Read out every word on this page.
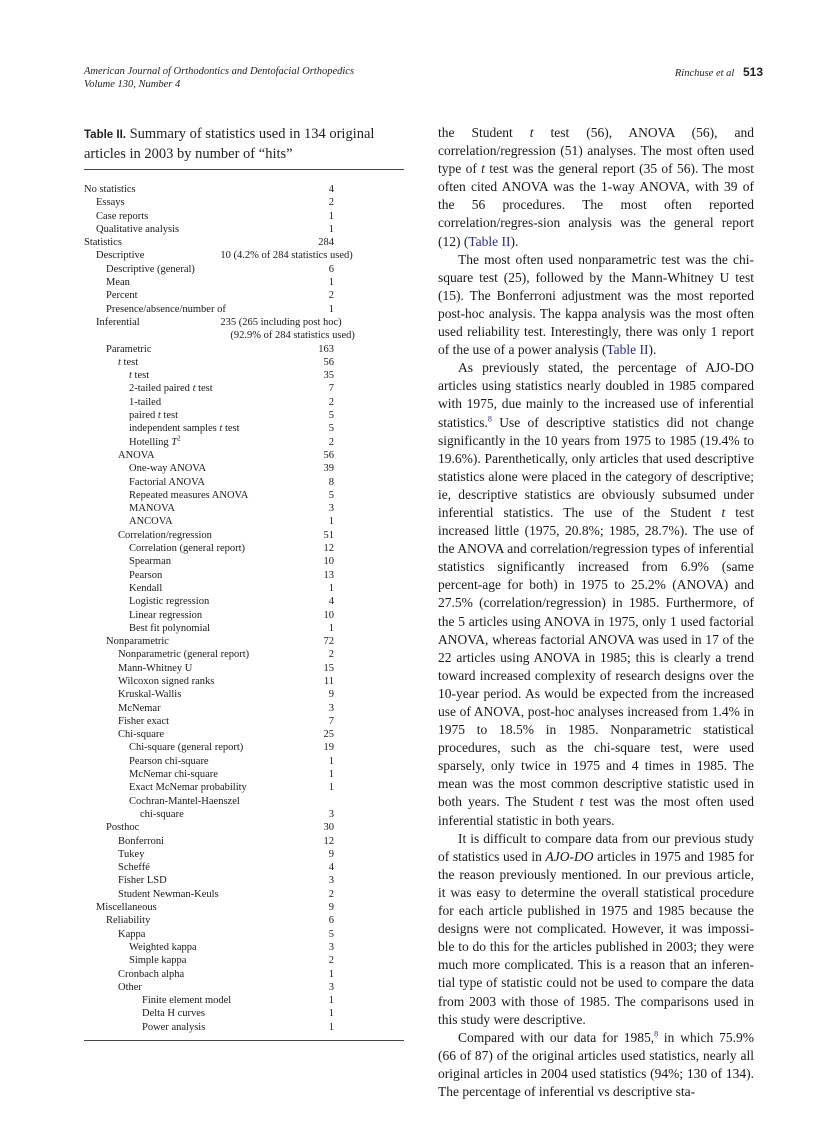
American Journal of Orthodontics and Dentofacial Orthopedics
Volume 130, Number 4
Rinchuse et al 513
Table II. Summary of statistics used in 134 original articles in 2003 by number of “hits”
No statistics	4
Essays	2
Case reports	1
Qualitative analysis	1
Statistics	284
Descriptive	10 (4.2% of 284 statistics used)
Descriptive (general)	6
Mean	1
Percent	2
Presence/absence/number of	1
Inferential	235 (265 including post hoc)
	(92.9% of 284 statistics used)
Parametric	163
t test	56
t test	35
2-tailed paired t test	7
1-tailed	2
paired t test	5
independent samples t test	5
Hotelling $T^2$	2
ANOVA	56
One-way ANOVA	39
Factorial ANOVA	8
Repeated measures ANOVA	5
MANOVA	3
ANCOVA	1
Correlation/regression	51
Correlation (general report)	12
Spearman	10
Pearson	13
Kendall	1
Logistic regression	4
Linear regression	10
Best fit polynomial	1
Nonparametric	72
Nonparametric (general report)	2
Mann-Whitney U	15
Wilcoxon signed ranks	11
Kruskal-Wallis	9
McNemar	3
Fisher exact	7
Chi-square	25
Chi-square (general report)	19
Pearson chi-square	1
McNemar chi-square	1
Exact McNemar probability	1
Cochran-Mantel-Haenszel	
chi-square	3
Posthoc	30
Bonferroni	12
Tukey	9
Scheffé	4
Fisher LSD	3
Student Newman-Keuls	2
Miscellaneous	9
Reliability	6
Kappa	5
Weighted kappa	3
Simple kappa	2
Cronbach alpha	1
Other	3
Finite element model	1
Delta H curves	1
Power analysis	1

the Student t test (56), ANOVA (56), and correlation/regression (51) analyses. The most often used type of t test was the general report (35 of 56). The most often cited ANOVA was the 1-way ANOVA, with 39 of the 56 procedures. The most often reported correlation/regres-sion analysis was the general report (12) (Table II).

The most often used nonparametric test was the chi-square test (25), followed by the Mann-Whitney U test (15). The Bonferroni adjustment was the most reported post-hoc analysis. The kappa analysis was the most often used reliability test. Interestingly, there was only 1 report of the use of a power analysis (Table II).

As previously stated, the percentage of AJO-DO articles using statistics nearly doubled in 1985 compared with 1975, due mainly to the increased use of inferential statistics.$^8$ Use of descriptive statistics did not change significantly in the 10 years from 1975 to 1985 (19.4% to 19.6%). Parenthetically, only articles that used descriptive statistics alone were placed in the category of descriptive; ie, descriptive statistics are obviously subsumed under inferential statistics. The use of the Student t test increased little (1975, 20.8%; 1985, 28.7%). The use of the ANOVA and correlation/regression types of inferential statistics significantly increased from 6.9% (same percent-age for both) in 1975 to 25.2% (ANOVA) and 27.5% (correlation/regression) in 1985. Furthermore, of the 5 articles using ANOVA in 1975, only 1 used factorial ANOVA, whereas factorial ANOVA was used in 17 of the 22 articles using ANOVA in 1985; this is clearly a trend toward increased complexity of research designs over the 10-year period. As would be expected from the increased use of ANOVA, post-hoc analyses increased from 1.4% in 1975 to 18.5% in 1985. Nonparametric statistical procedures, such as the chi-square test, were used sparsely, only twice in 1975 and 4 times in 1985. The mean was the most common descriptive statistic used in both years. The Student t test was the most often used inferential statistic in both years.

It is difficult to compare data from our previous study of statistics used in AJO-DO articles in 1975 and 1985 for the reason previously mentioned. In our previous article, it was easy to determine the overall statistical procedure for each article published in 1975 and 1985 because the designs were not complicated. However, it was impossi-ble to do this for the articles published in 2003; they were much more complicated. This is a reason that an inferen-tial type of statistic could not be used to compare the data from 2003 with those of 1985. The comparisons used in this study were descriptive.

Compared with our data for 1985,$^8$ in which 75.9% (66 of 87) of the original articles used statistics, nearly all original articles in 2004 used statistics (94%; 130 of 134). The percentage of inferential vs descriptive sta-
